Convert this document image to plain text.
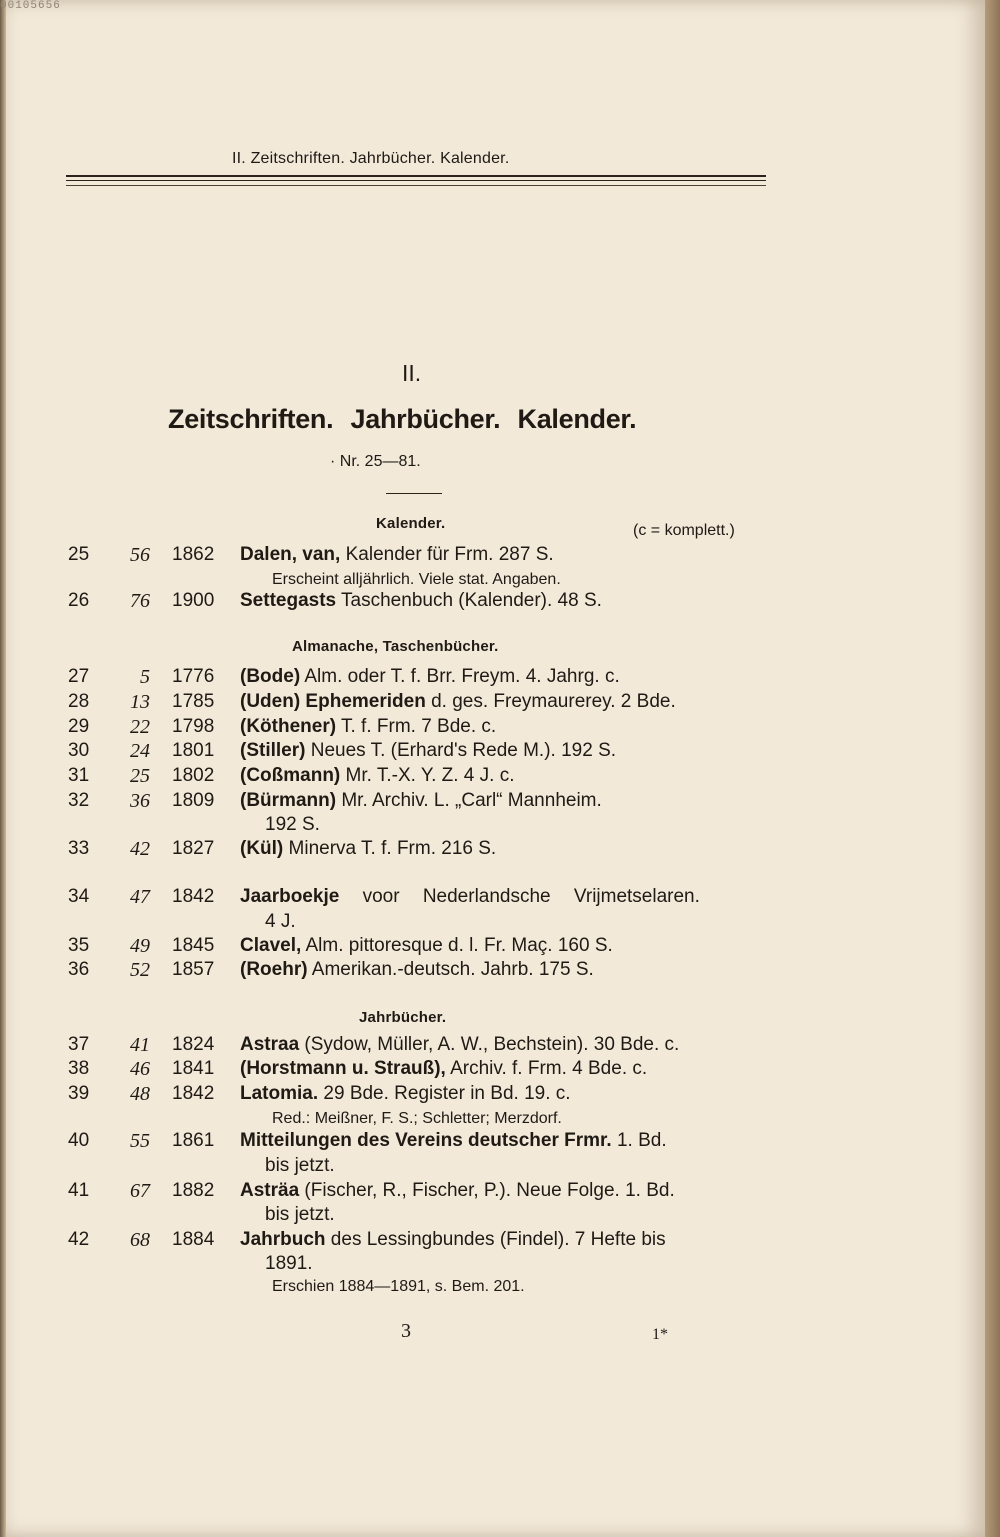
00105656
II. Zeitschriften. Jahrbücher. Kalender.
II.
Zeitschriften. Jahrbücher. Kalender.
· Nr. 25—81.
Kalender.	(c = komplett.)
25	56 1862 Dalen, van, Kalender für Frm. 287 S.
Erscheint alljährlich. Viele stat. Angaben.
26	76 1900 Settegasts Taschenbuch (Kalender). 48 S.
Almanache, Taschenbücher.
27	5 1776 (Bode) Alm. oder T. f. Brr. Freym. 4. Jahrg. c.
28	13 1785 (Uden) Ephemeriden d. ges. Freymaurerey. 2 Bde.
29	22 1798 (Köthener) T. f. Frm. 7 Bde. c.
30	24 1801 (Stiller) Neues T. (Erhard's Rede M.). 192 S.
31	25 1802 (Coßmann) Mr. T.-X. Y. Z. 4 J. c.
32	36 1809 (Bürmann) Mr. Archiv. L. „Carl“ Mannheim.
192 S.
33	42 1827 (Kül) Minerva T. f. Frm. 216 S.
34	47 1842 Jaarboekje voor Nederlandsche Vrijmetselaren.
4 J.
35	49 1845 Clavel, Alm. pittoresque d. l. Fr. Maç. 160 S.
36	52 1857 (Roehr) Amerikan.-deutsch. Jahrb. 175 S.
Jahrbücher.
37	41 1824 Astraa (Sydow, Müller, A. W., Bechstein). 30 Bde. c.
38	46 1841 (Horstmann u. Strauß), Archiv. f. Frm. 4 Bde. c.
39	48 1842 Latomia. 29 Bde. Register in Bd. 19. c.
Red.: Meißner, F. S.; Schletter; Merzdorf.
40	55 1861 Mitteilungen des Vereins deutscher Frmr. 1. Bd.
bis jetzt.
41	67 1882 Asträa (Fischer, R., Fischer, P.). Neue Folge. 1. Bd.
bis jetzt.
42	68 1884 Jahrbuch des Lessingbundes (Findel). 7 Hefte bis
1891.
Erschien 1884—1891, s. Bem. 201.
3	1*
